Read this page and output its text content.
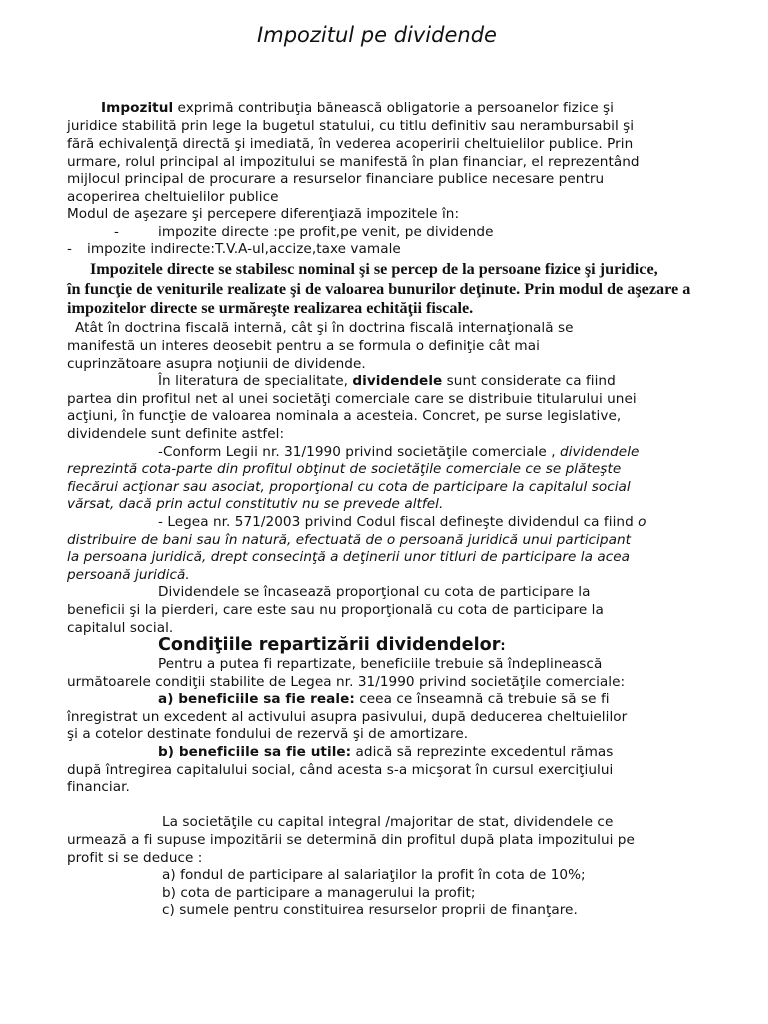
Impozitul pe dividende
Impozitul exprimă contribuţia bănească obligatorie a persoanelor fizice şi
juridice stabilită prin lege la bugetul statului, cu titlu definitiv sau nerambursabil şi
fără echivalenţă directă şi imediată, în vederea acoperirii cheltuielilor publice. Prin
urmare, rolul principal al impozitului se manifestă în plan financiar, el reprezentând
mijlocul principal de procurare a resurselor financiare publice necesare pentru
acoperirea cheltuielilor publice
Modul de aşezare şi percepere diferenţiază impozitele în:
-	impozite directe :pe profit,pe venit, pe dividende
- impozite indirecte:T.V.A-ul,accize,taxe vamale
Impozitele directe se stabilesc nominal şi se percep de la persoane fizice şi juridice,
în funcţie de veniturile realizate şi de valoarea bunurilor deţinute. Prin modul de aşezare a
impozitelor directe se urmăreşte realizarea echităţii fiscale.
Atât în doctrina fiscală internă, cât şi în doctrina fiscală internaţională se
manifestă un interes deosebit pentru a se formula o definiţie cât mai
cuprinzătoare asupra noţiunii de dividende.
În literatura de specialitate, dividendele sunt considerate ca fiind
partea din profitul net al unei societăţi comerciale care se distribuie titularului unei
acţiuni, în funcţie de valoarea nominala a acesteia. Concret, pe surse legislative,
dividendele sunt definite astfel:
-Conform Legii nr. 31/1990 privind societăţile comerciale , dividendele
reprezintă cota-parte din profitul obţinut de societăţile comerciale ce se plăteşte
fiecărui acţionar sau asociat, proporţional cu cota de participare la capitalul social
vărsat, dacă prin actul constitutiv nu se prevede altfel.
- Legea nr. 571/2003 privind Codul fiscal defineşte dividendul ca fiind o
distribuire de bani sau în natură, efectuată de o persoană juridică unui participant
la persoana juridică, drept consecinţă a deţinerii unor titluri de participare la acea
persoană juridică.
Dividendele se încasează proporţional cu cota de participare la
beneficii şi la pierderi, care este sau nu proporţională cu cota de participare la
capitalul social.
Condiţiile repartizării dividendelor:
Pentru a putea fi repartizate, beneficiile trebuie să îndeplinească
următoarele condiţii stabilite de Legea nr. 31/1990 privind societăţile comerciale:
a) beneficiile sa fie reale: ceea ce înseamnă că trebuie să se fi
înregistrat un excedent al activului asupra pasivului, după deducerea cheltuielilor
şi a cotelor destinate fondului de rezervă şi de amortizare.
b) beneficiile sa fie utile: adică să reprezinte excedentul rămas
după întregirea capitalului social, când acesta s-a micşorat în cursul exerciţiului
financiar.
La societăţile cu capital integral /majoritar de stat, dividendele ce
urmează a fi supuse impozitării se determină din profitul după plata impozitului pe
profit si se deduce :
a) fondul de participare al salariaţilor la profit în cota de 10%;
b) cota de participare a managerului la profit;
c) sumele pentru constituirea resurselor proprii de finanţare.
